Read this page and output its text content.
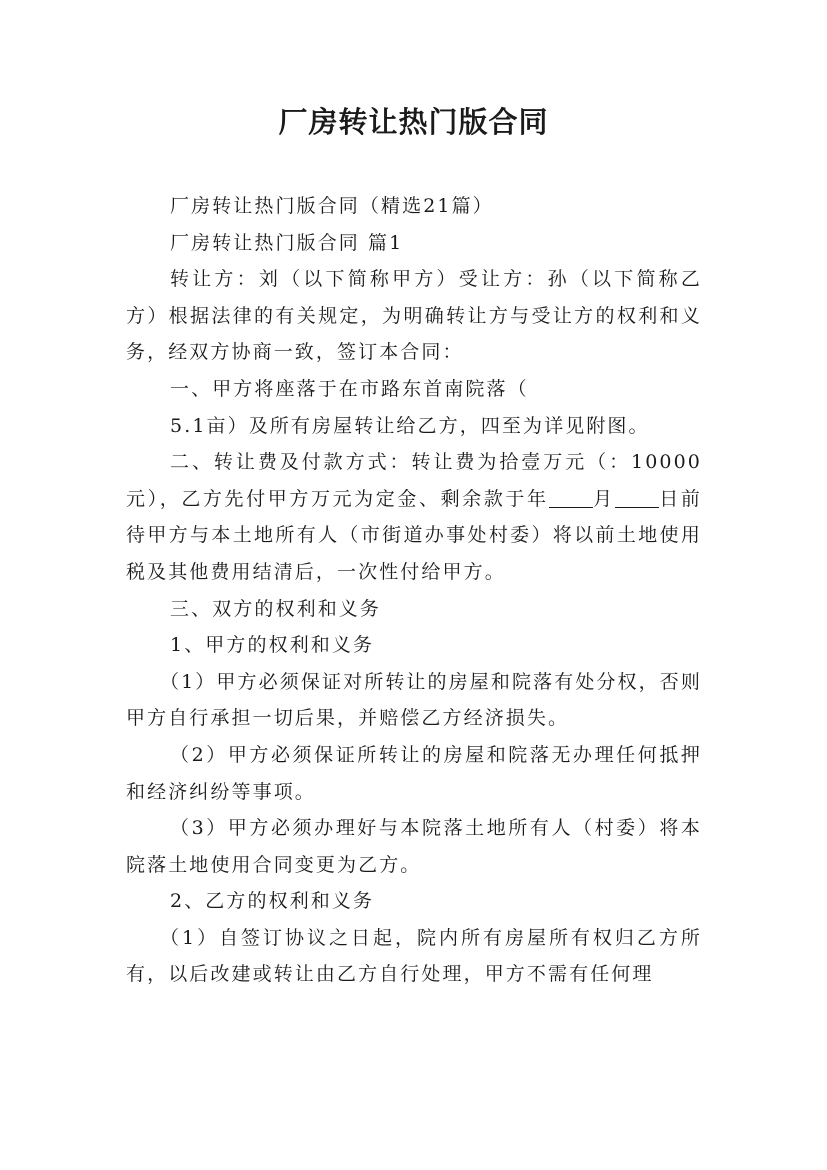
厂房转让热门版合同

厂房转让热门版合同（精选21篇）

厂房转让热门版合同 篇1

转让方：刘（以下简称甲方）受让方：孙（以下简称乙方）根据法律的有关规定，为明确转让方与受让方的权利和义务，经双方协商一致，签订本合同：

一、甲方将座落于在市路东首南院落（

5.1亩）及所有房屋转让给乙方，四至为详见附图。

二、转让费及付款方式：转让费为拾壹万元（：10000元），乙方先付甲方万元为定金、剩余款于年 月 日前待甲方与本土地所有人（市街道办事处村委）将以前土地使用税及其他费用结清后，一次性付给甲方。

三、双方的权利和义务

1、甲方的权利和义务

（1）甲方必须保证对所转让的房屋和院落有处分权，否则甲方自行承担一切后果，并赔偿乙方经济损失。

（2）甲方必须保证所转让的房屋和院落无办理任何抵押和经济纠纷等事项。

（3）甲方必须办理好与本院落土地所有人（村委）将本院落土地使用合同变更为乙方。

2、乙方的权利和义务

（1）自签订协议之日起，院内所有房屋所有权归乙方所有，以后改建或转让由乙方自行处理，甲方不需有任何理
